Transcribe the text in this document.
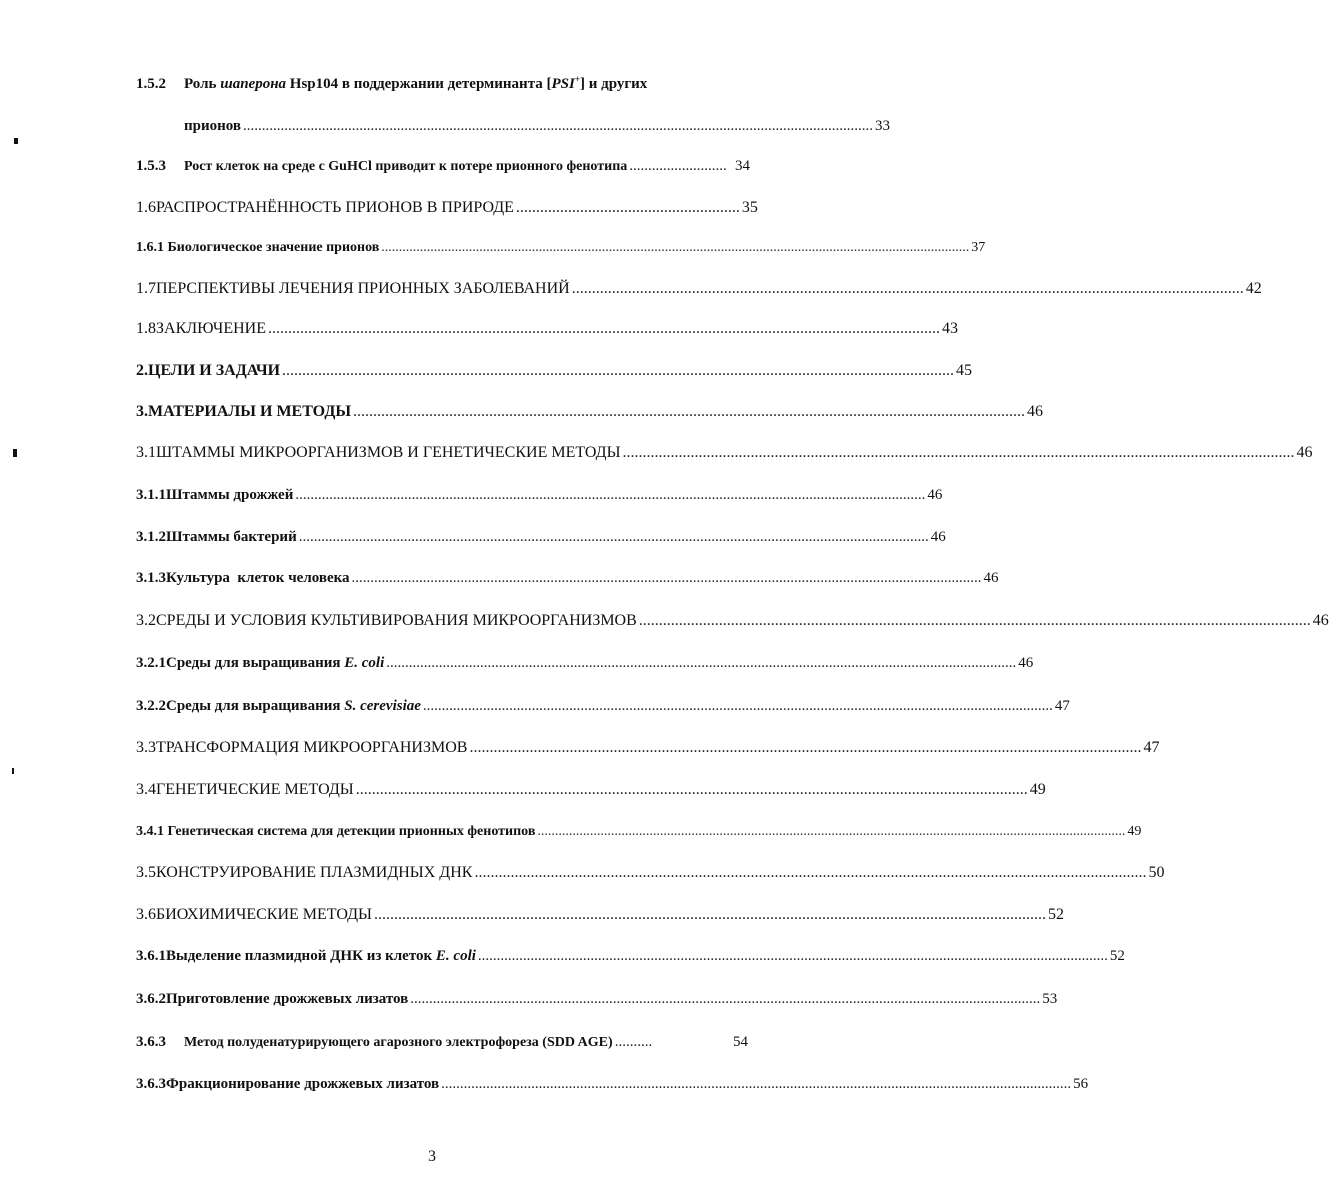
1.5.2	Роль шаперона Hsp104 в поддержании детерминанта [PSI+] и других
прионов ........................................................................................................................................................................ 33
1.5.3	Рост клеток на среде с GuHCl приводит к потере прионного фенотипа .......................... 34
1.6 РАСПРОСТРАНЁННОСТЬ ПРИОНОВ В ПРИРОДЕ ........................................................ 35
1.6.1 Биологическое значение прионов ........................................................................................................................................................................ 37
1.7 ПЕРСПЕКТИВЫ ЛЕЧЕНИЯ ПРИОННЫХ ЗАБОЛЕВАНИЙ ........................................................................................................................................................................ 42
1.8 ЗАКЛЮЧЕНИЕ ........................................................................................................................................................................ 43
2. ЦЕЛИ И ЗАДАЧИ ........................................................................................................................................................................ 45
3. МАТЕРИАЛЫ И МЕТОДЫ ........................................................................................................................................................................ 46
3.1 ШТАММЫ МИКРООРГАНИЗМОВ И ГЕНЕТИЧЕСКИЕ МЕТОДЫ ........................................................................................................................................................................ 46
3.1.1 Штаммы дрожжей ........................................................................................................................................................................ 46
3.1.2 Штаммы бактерий ........................................................................................................................................................................ 46
3.1.3 Культура  клеток человека ........................................................................................................................................................................ 46
3.2 СРЕДЫ И УСЛОВИЯ КУЛЬТИВИРОВАНИЯ МИКРООРГАНИЗМОВ ........................................................................................................................................................................ 46
3.2.1 Среды для выращивания E. coli ........................................................................................................................................................................ 46
3.2.2 Среды для выращивания S. cerevisiae ........................................................................................................................................................................ 47
3.3 ТРАНСФОРМАЦИЯ МИКРООРГАНИЗМОВ ........................................................................................................................................................................ 47
3.4 ГЕНЕТИЧЕСКИЕ МЕТОДЫ ........................................................................................................................................................................ 49
3.4.1 Генетическая система для детекции прионных фенотипов ........................................................................................................................................................................ 49
3.5 КОНСТРУИРОВАНИЕ ПЛАЗМИДНЫХ ДНК ........................................................................................................................................................................ 50
3.6 БИОХИМИЧЕСКИЕ МЕТОДЫ ........................................................................................................................................................................ 52
3.6.1 Выделение плазмидной ДНК из клеток E. coli ........................................................................................................................................................................ 52
3.6.2 Приготовление дрожжевых лизатов ........................................................................................................................................................................ 53
3.6.3	Метод полуденатурирующего агарозного электрофореза (SDD AGE) ..........	54
3.6.3 Фракционирование дрожжевых лизатов ........................................................................................................................................................................ 56
3
